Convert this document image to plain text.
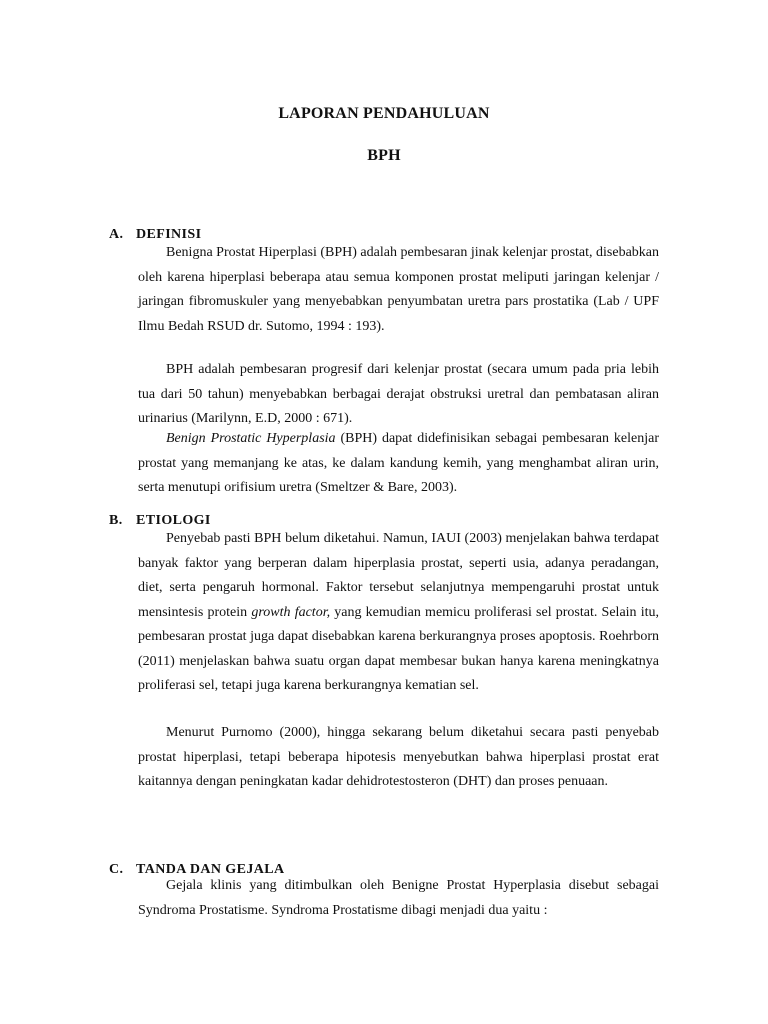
LAPORAN PENDAHULUAN
BPH
A. DEFINISI

Benigna Prostat Hiperplasi (BPH) adalah pembesaran jinak kelenjar prostat, disebabkan oleh karena hiperplasi beberapa atau semua komponen prostat meliputi jaringan kelenjar / jaringan fibromuskuler yang menyebabkan penyumbatan uretra pars prostatika (Lab / UPF Ilmu Bedah RSUD dr. Sutomo, 1994 : 193).

BPH adalah pembesaran progresif dari kelenjar prostat (secara umum pada pria lebih tua dari 50 tahun) menyebabkan berbagai derajat obstruksi uretral dan pembatasan aliran urinarius (Marilynn, E.D, 2000 : 671).

Benign Prostatic Hyperplasia (BPH) dapat didefinisikan sebagai pembesaran kelenjar prostat yang memanjang ke atas, ke dalam kandung kemih, yang menghambat aliran urin, serta menutupi orifisium uretra (Smeltzer & Bare, 2003).

B. ETIOLOGI

Penyebab pasti BPH belum diketahui. Namun, IAUI (2003) menjelakan bahwa terdapat banyak faktor yang berperan dalam hiperplasia prostat, seperti usia, adanya peradangan, diet, serta pengaruh hormonal. Faktor tersebut selanjutnya mempengaruhi prostat untuk mensintesis protein growth factor, yang kemudian memicu proliferasi sel prostat. Selain itu, pembesaran prostat juga dapat disebabkan karena berkurangnya proses apoptosis. Roehrborn (2011) menjelaskan bahwa suatu organ dapat membesar bukan hanya karena meningkatnya proliferasi sel, tetapi juga karena berkurangnya kematian sel.

Menurut Purnomo (2000), hingga sekarang belum diketahui secara pasti penyebab prostat hiperplasi, tetapi beberapa hipotesis menyebutkan bahwa hiperplasi prostat erat kaitannya dengan peningkatan kadar dehidrotestosteron (DHT) dan proses penuaan.

C. TANDA DAN GEJALA

Gejala klinis yang ditimbulkan oleh Benigne Prostat Hyperplasia disebut sebagai Syndroma Prostatisme. Syndroma Prostatisme dibagi menjadi dua yaitu :
